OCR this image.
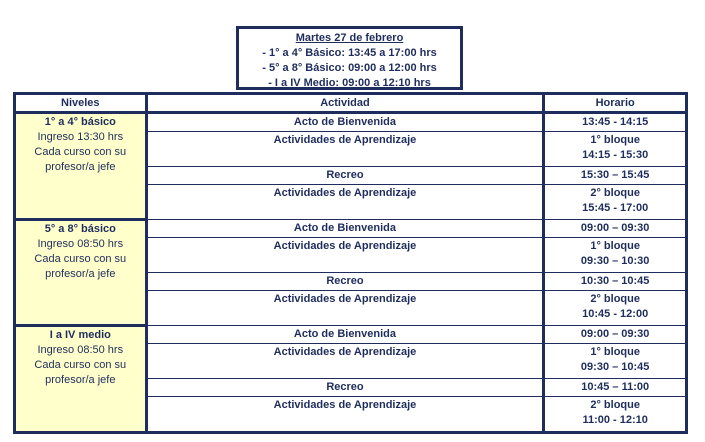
Martes 27 de febrero
- 1° a 4° Básico: 13:45 a 17:00 hrs
- 5° a 8° Básico: 09:00 a 12:00 hrs
- I a IV Medio: 09:00 a 12:10 hrs
Niveles	Actividad	Horario

1° a 4° básico
Ingreso 13:30 hrs
Cada curso con su
profesor/a jefe	Acto de Bienvenida	13:45 - 14:15

	Actividades de Aprendizaje	1° bloque
14:15 - 15:30

	Recreo	15:30 – 15:45

	Actividades de Aprendizaje	2° bloque
15:45 - 17:00

5° a 8° básico
Ingreso 08:50 hrs
Cada curso con su
profesor/a jefe	Acto de Bienvenida	09:00 – 09:30

	Actividades de Aprendizaje	1° bloque
09:30 – 10:30

	Recreo	10:30 – 10:45

	Actividades de Aprendizaje	2° bloque
10:45 - 12:00

I a IV medio
Ingreso 08:50 hrs
Cada curso con su
profesor/a jefe	Acto de Bienvenida	09:00 – 09:30

	Actividades de Aprendizaje	1° bloque
09:30 – 10:45

	Recreo	10:45 – 11:00

	Actividades de Aprendizaje	2° bloque
11:00 - 12:10
